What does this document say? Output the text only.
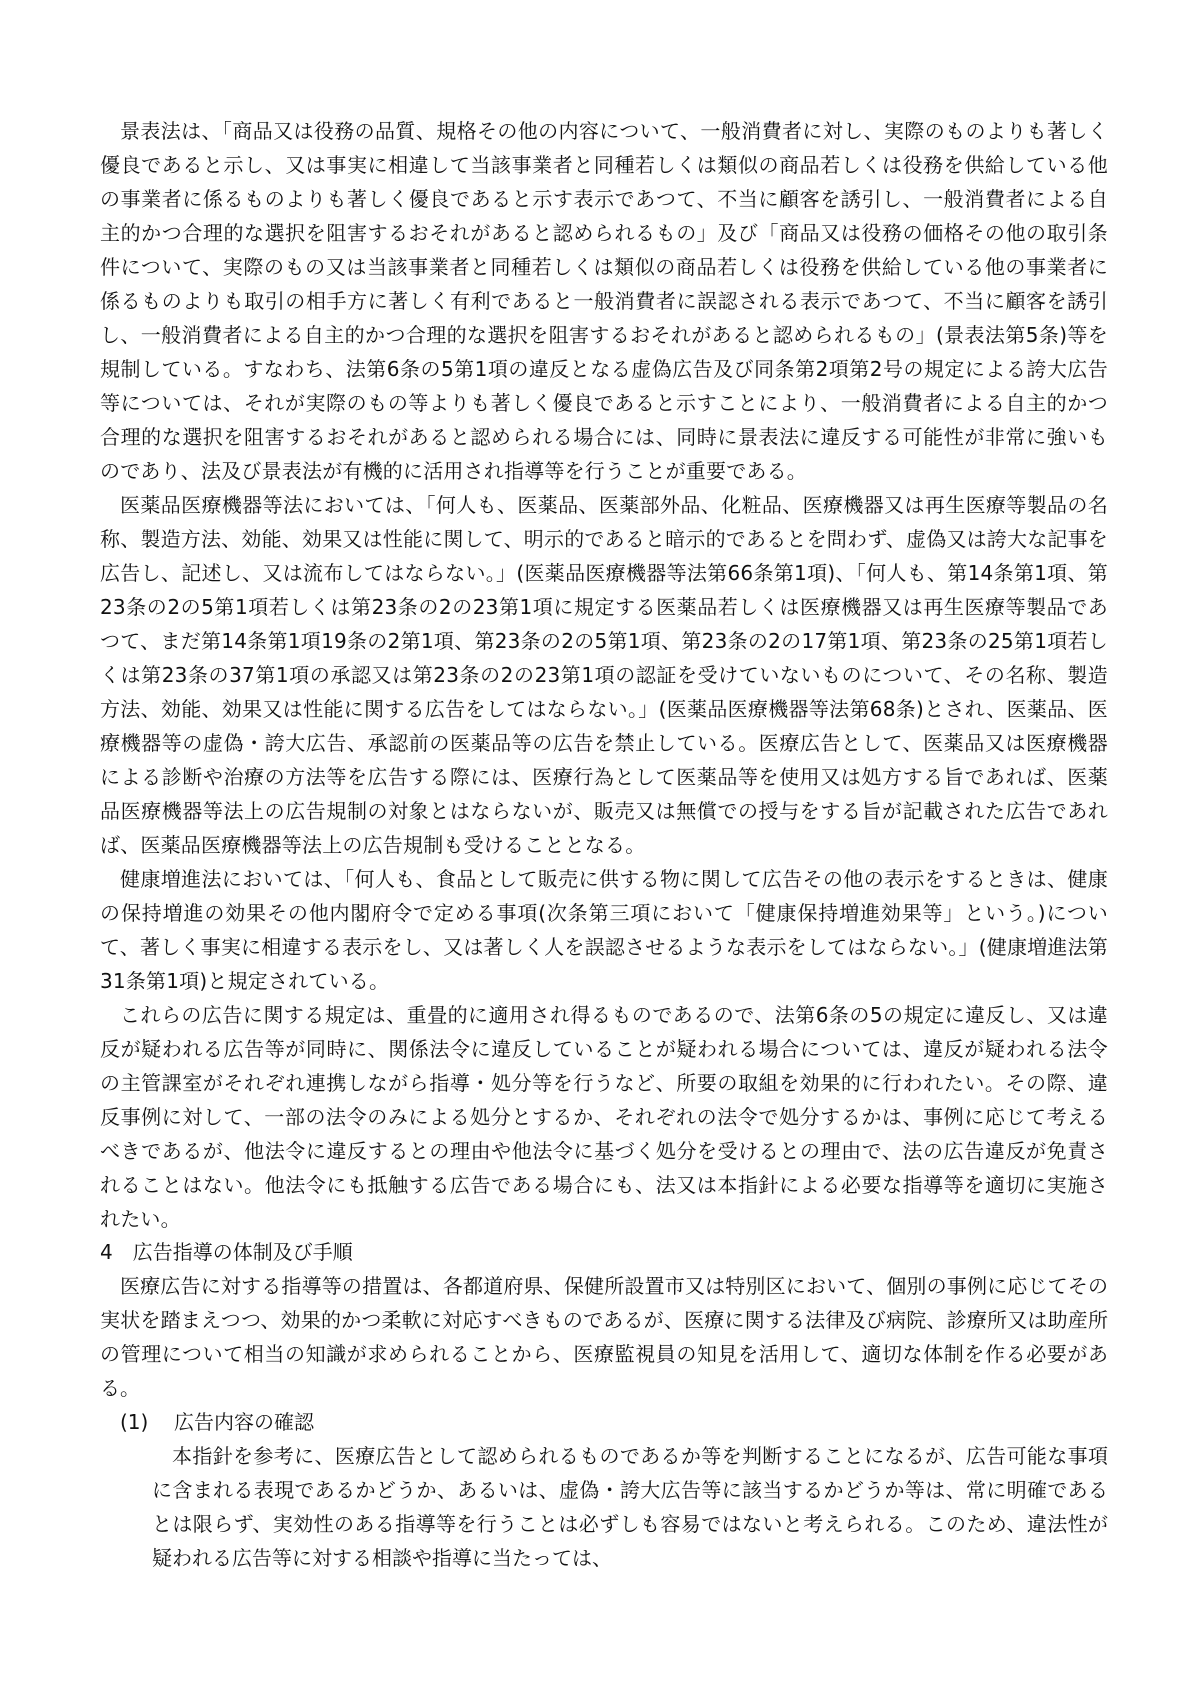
景表法は、「商品又は役務の品質、規格その他の内容について、一般消費者に対し、実際のものよりも著しく優良であると示し、又は事実に相違して当該事業者と同種若しくは類似の商品若しくは役務を供給している他の事業者に係るものよりも著しく優良であると示す表示であつて、不当に顧客を誘引し、一般消費者による自主的かつ合理的な選択を阻害するおそれがあると認められるもの」及び「商品又は役務の価格その他の取引条件について、実際のもの又は当該事業者と同種若しくは類似の商品若しくは役務を供給している他の事業者に係るものよりも取引の相手方に著しく有利であると一般消費者に誤認される表示であつて、不当に顧客を誘引し、一般消費者による自主的かつ合理的な選択を阻害するおそれがあると認められるもの」(景表法第5条)等を規制している。すなわち、法第6条の5第1項の違反となる虚偽広告及び同条第2項第2号の規定による誇大広告等については、それが実際のもの等よりも著しく優良であると示すことにより、一般消費者による自主的かつ合理的な選択を阻害するおそれがあると認められる場合には、同時に景表法に違反する可能性が非常に強いものであり、法及び景表法が有機的に活用され指導等を行うことが重要である。

医薬品医療機器等法においては、「何人も、医薬品、医薬部外品、化粧品、医療機器又は再生医療等製品の名称、製造方法、効能、効果又は性能に関して、明示的であると暗示的であるとを問わず、虚偽又は誇大な記事を広告し、記述し、又は流布してはならない。」(医薬品医療機器等法第66条第1項)、「何人も、第14条第1項、第23条の2の5第1項若しくは第23条の2の23第1項に規定する医薬品若しくは医療機器又は再生医療等製品であつて、まだ第14条第1項19条の2第1項、第23条の2の5第1項、第23条の2の17第1項、第23条の25第1項若しくは第23条の37第1項の承認又は第23条の2の23第1項の認証を受けていないものについて、その名称、製造方法、効能、効果又は性能に関する広告をしてはならない。」(医薬品医療機器等法第68条)とされ、医薬品、医療機器等の虚偽・誇大広告、承認前の医薬品等の広告を禁止している。医療広告として、医薬品又は医療機器による診断や治療の方法等を広告する際には、医療行為として医薬品等を使用又は処方する旨であれば、医薬品医療機器等法上の広告規制の対象とはならないが、販売又は無償での授与をする旨が記載された広告であれば、医薬品医療機器等法上の広告規制も受けることとなる。

健康増進法においては、「何人も、食品として販売に供する物に関して広告その他の表示をするときは、健康の保持増進の効果その他内閣府令で定める事項(次条第三項において「健康保持増進効果等」という。)について、著しく事実に相違する表示をし、又は著しく人を誤認させるような表示をしてはならない。」(健康増進法第31条第1項)と規定されている。

これらの広告に関する規定は、重畳的に適用され得るものであるので、法第6条の5の規定に違反し、又は違反が疑われる広告等が同時に、関係法令に違反していることが疑われる場合については、違反が疑われる法令の主管課室がそれぞれ連携しながら指導・処分等を行うなど、所要の取組を効果的に行われたい。その際、違反事例に対して、一部の法令のみによる処分とするか、それぞれの法令で処分するかは、事例に応じて考えるべきであるが、他法令に違反するとの理由や他法令に基づく処分を受けるとの理由で、法の広告違反が免責されることはない。他法令にも抵触する広告である場合にも、法又は本指針による必要な指導等を適切に実施されたい。

4　広告指導の体制及び手順

医療広告に対する指導等の措置は、各都道府県、保健所設置市又は特別区において、個別の事例に応じてその実状を踏まえつつ、効果的かつ柔軟に対応すべきものであるが、医療に関する法律及び病院、診療所又は助産所の管理について相当の知識が求められることから、医療監視員の知見を活用して、適切な体制を作る必要がある。

(1) 広告内容の確認

本指針を参考に、医療広告として認められるものであるか等を判断することになるが、広告可能な事項に含まれる表現であるかどうか、あるいは、虚偽・誇大広告等に該当するかどうか等は、常に明確であるとは限らず、実効性のある指導等を行うことは必ずしも容易ではないと考えられる。このため、違法性が疑われる広告等に対する相談や指導に当たっては、
